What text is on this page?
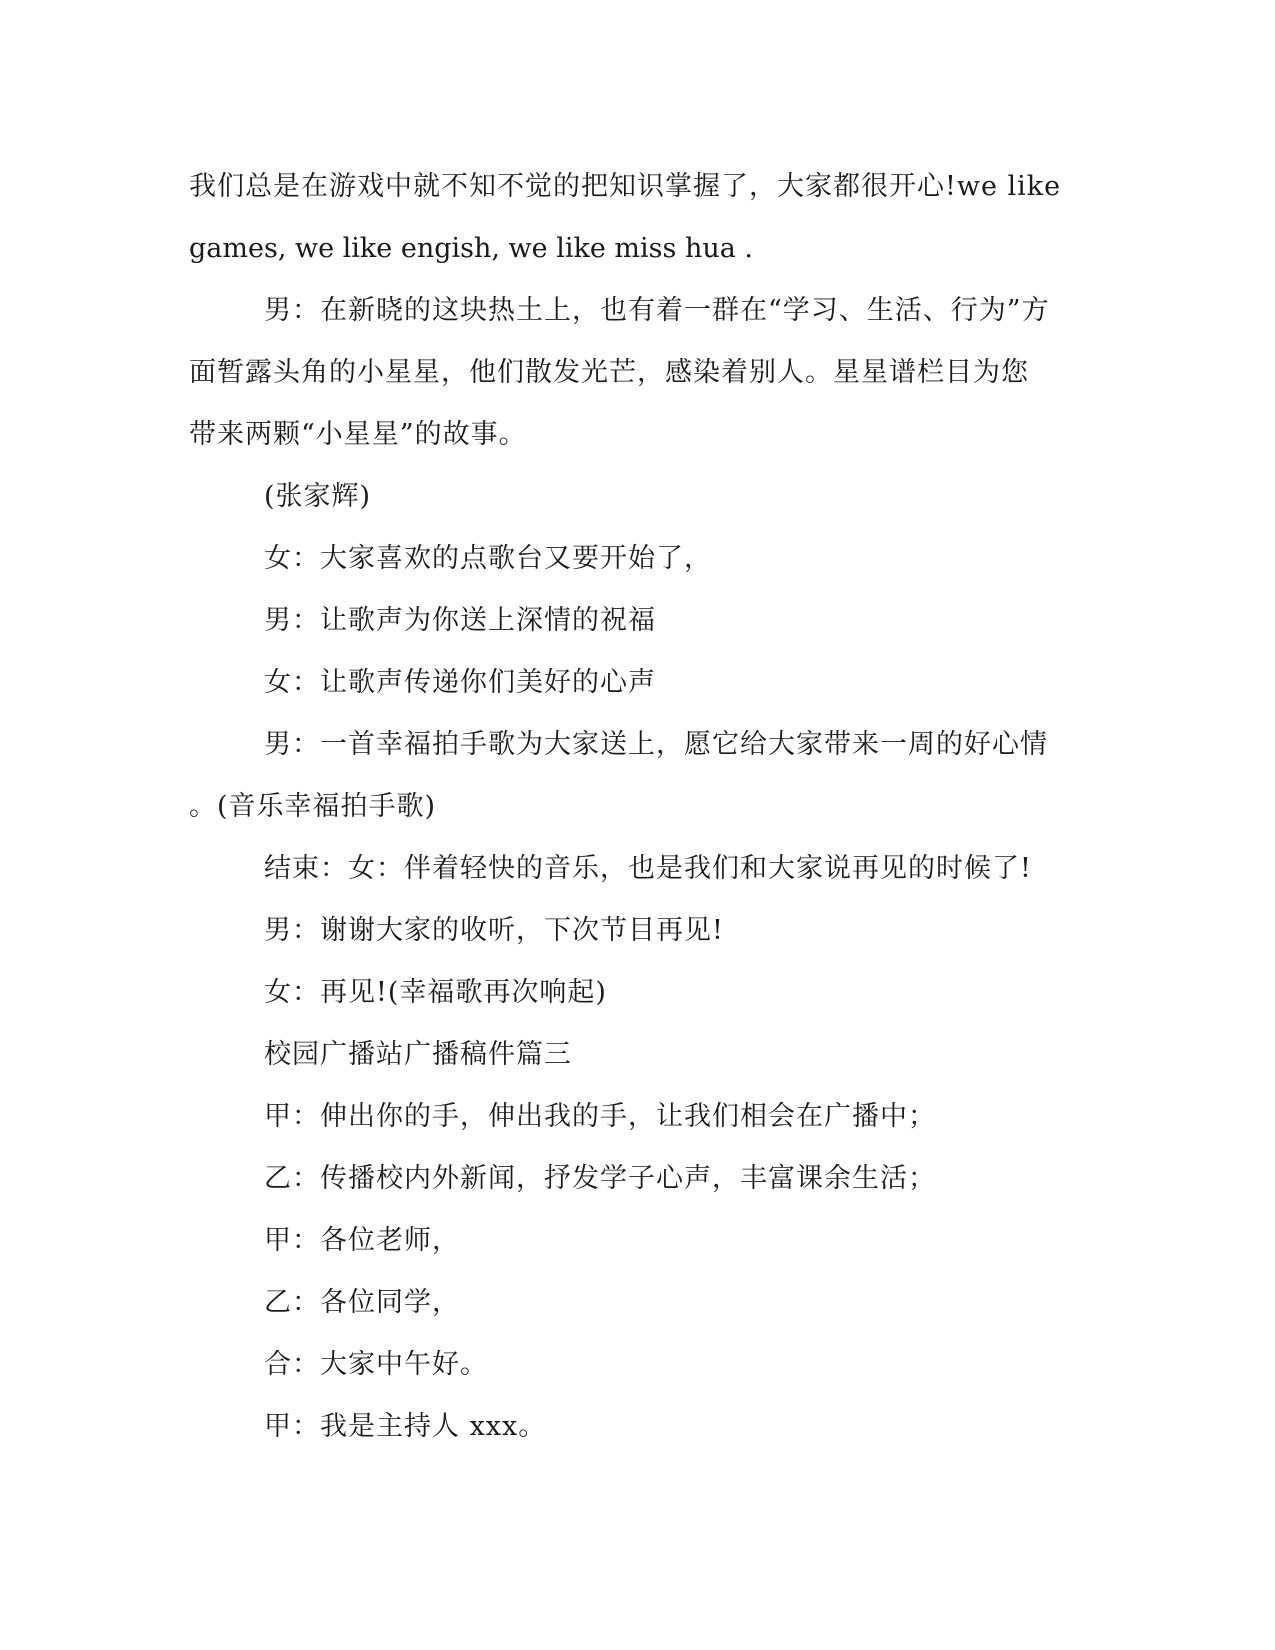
我们总是在游戏中就不知不觉的把知识掌握了，大家都很开心!we like
games, we like engish, we like miss hua .
男：在新晓的这块热土上，也有着一群在“学习、生活、行为”方
面暂露头角的小星星，他们散发光芒，感染着别人。星星谱栏目为您
带来两颗“小星星”的故事。
(张家辉)
女：大家喜欢的点歌台又要开始了，
男：让歌声为你送上深情的祝福
女：让歌声传递你们美好的心声
男：一首幸福拍手歌为大家送上，愿它给大家带来一周的好心情
。(音乐幸福拍手歌)
结束：女：伴着轻快的音乐，也是我们和大家说再见的时候了!
男：谢谢大家的收听，下次节目再见!
女：再见!(幸福歌再次响起)
校园广播站广播稿件篇三
甲：伸出你的手，伸出我的手，让我们相会在广播中；
乙：传播校内外新闻，抒发学子心声，丰富课余生活；
甲：各位老师，
乙：各位同学，
合：大家中午好。
甲：我是主持人 xxx。
